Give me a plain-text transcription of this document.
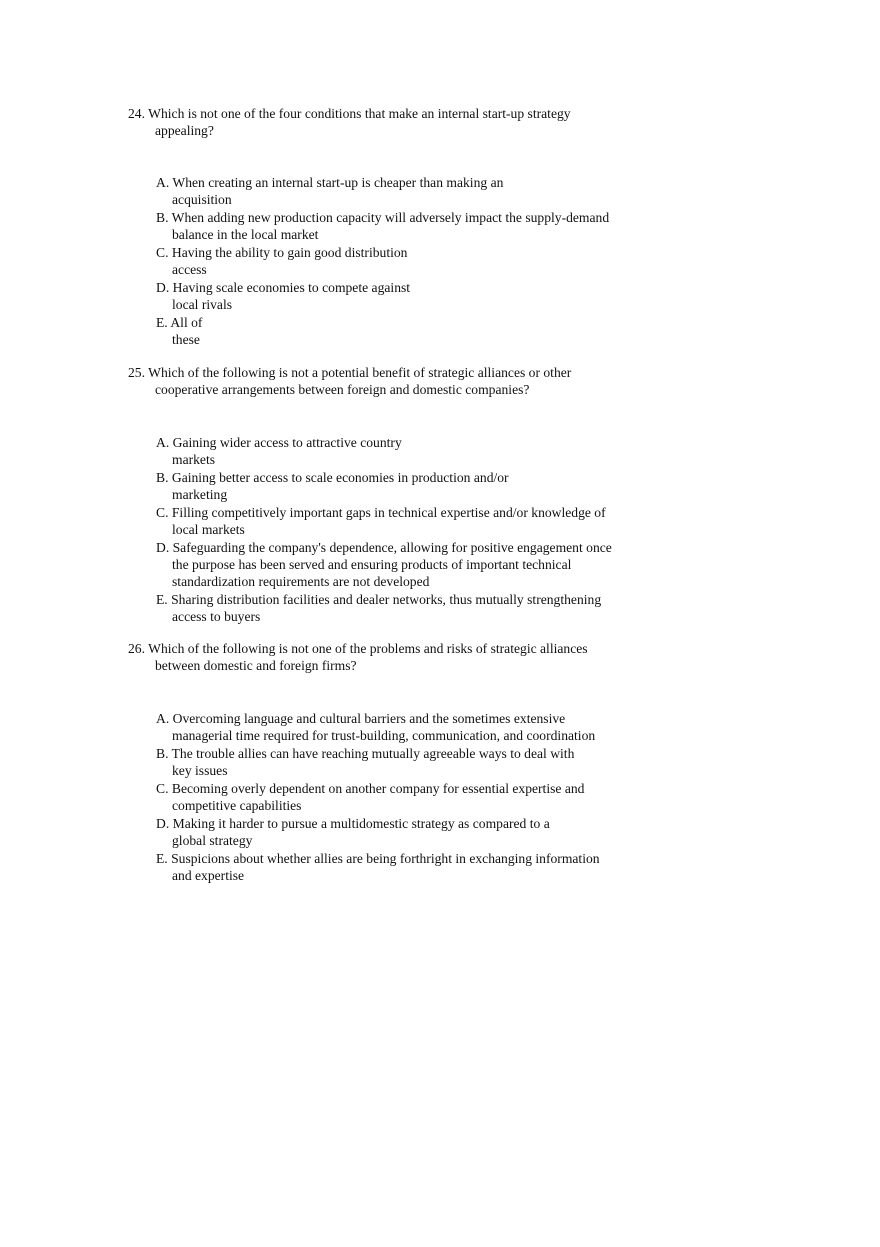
24. Which is not one of the four conditions that make an internal start-up strategy
appealing?

A. When creating an internal start-up is cheaper than making an
acquisition
B. When adding new production capacity will adversely impact the supply-demand
balance in the local market
C. Having the ability to gain good distribution
access
D. Having scale economies to compete against
local rivals
E. All of
these

25. Which of the following is not a potential benefit of strategic alliances or other
cooperative arrangements between foreign and domestic companies?

A. Gaining wider access to attractive country
markets
B. Gaining better access to scale economies in production and/or
marketing
C. Filling competitively important gaps in technical expertise and/or knowledge of
local markets
D. Safeguarding the company's dependence, allowing for positive engagement once
the purpose has been served and ensuring products of important technical
standardization requirements are not developed
E. Sharing distribution facilities and dealer networks, thus mutually strengthening
access to buyers

26. Which of the following is not one of the problems and risks of strategic alliances
between domestic and foreign firms?

A. Overcoming language and cultural barriers and the sometimes extensive
managerial time required for trust-building, communication, and coordination
B. The trouble allies can have reaching mutually agreeable ways to deal with
key issues
C. Becoming overly dependent on another company for essential expertise and
competitive capabilities
D. Making it harder to pursue a multidomestic strategy as compared to a
global strategy
E. Suspicions about whether allies are being forthright in exchanging information
and expertise
